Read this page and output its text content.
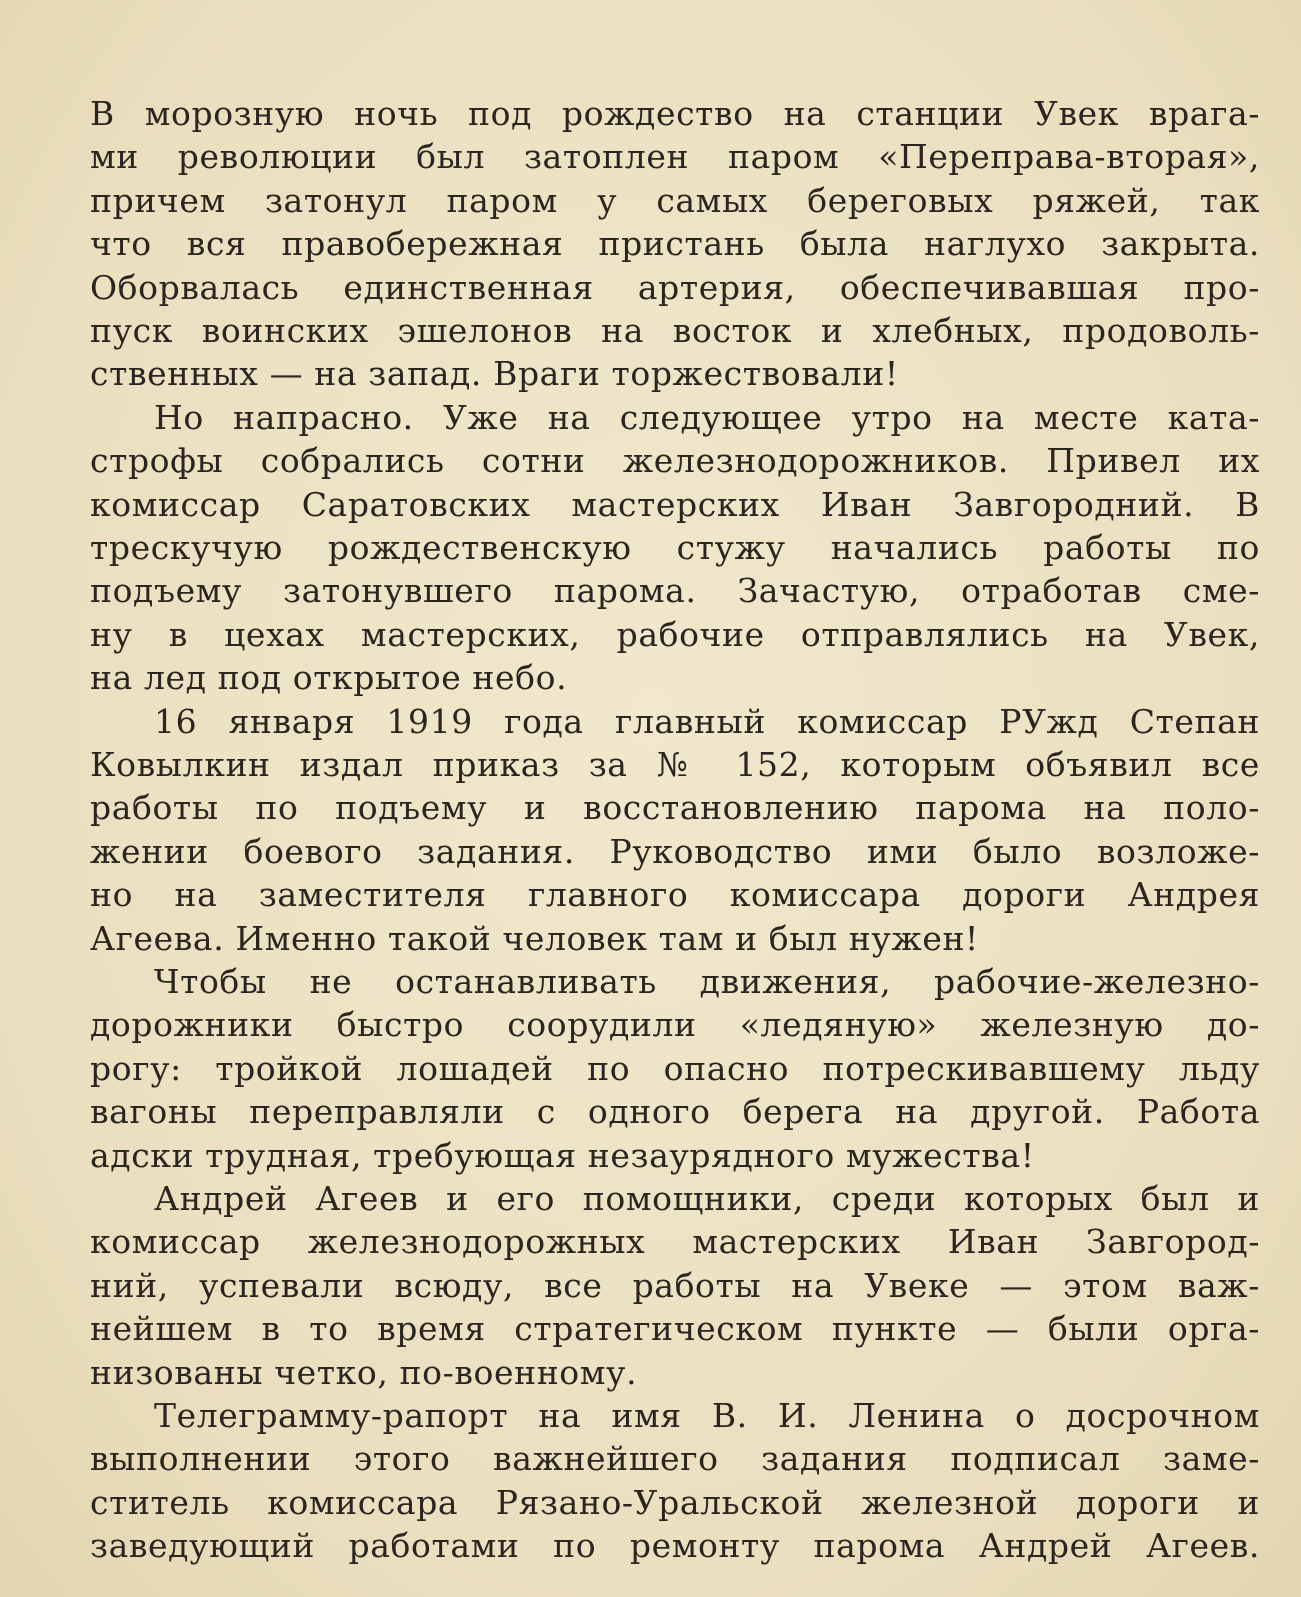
В морозную ночь под рождество на станции Увек врага-
ми революции был затоплен паром «Переправа-вторая»,
причем затонул паром у самых береговых ряжей, так
что вся правобережная пристань была наглухо закрыта.
Оборвалась единственная артерия, обеспечивавшая про-
пуск воинских эшелонов на восток и хлебных, продоволь-
ственных — на запад. Враги торжествовали!
Но напрасно. Уже на следующее утро на месте ката-
строфы собрались сотни железнодорожников. Привел их
комиссар Саратовских мастерских Иван Завгородний. В
трескучую рождественскую стужу начались работы по
подъему затонувшего парома. Зачастую, отработав сме-
ну в цехах мастерских, рабочие отправлялись на Увек,
на лед под открытое небо.
16 января 1919 года главный комиссар РУжд Степан
Ковылкин издал приказ за № 152, которым объявил все
работы по подъему и восстановлению парома на поло-
жении боевого задания. Руководство ими было возложе-
но на заместителя главного комиссара дороги Андрея
Агеева. Именно такой человек там и был нужен!
Чтобы не останавливать движения, рабочие-железно-
дорожники быстро соорудили «ледяную» железную до-
рогу: тройкой лошадей по опасно потрескивавшему льду
вагоны переправляли с одного берега на другой. Работа
адски трудная, требующая незаурядного мужества!
Андрей Агеев и его помощники, среди которых был и
комиссар железнодорожных мастерских Иван Завгород-
ний, успевали всюду, все работы на Увеке — этом важ-
нейшем в то время стратегическом пункте — были орга-
низованы четко, по-военному.
Телеграмму-рапорт на имя В. И. Ленина о досрочном
выполнении этого важнейшего задания подписал заме-
ститель комиссара Рязано-Уральской железной дороги и
заведующий работами по ремонту парома Андрей Агеев.
